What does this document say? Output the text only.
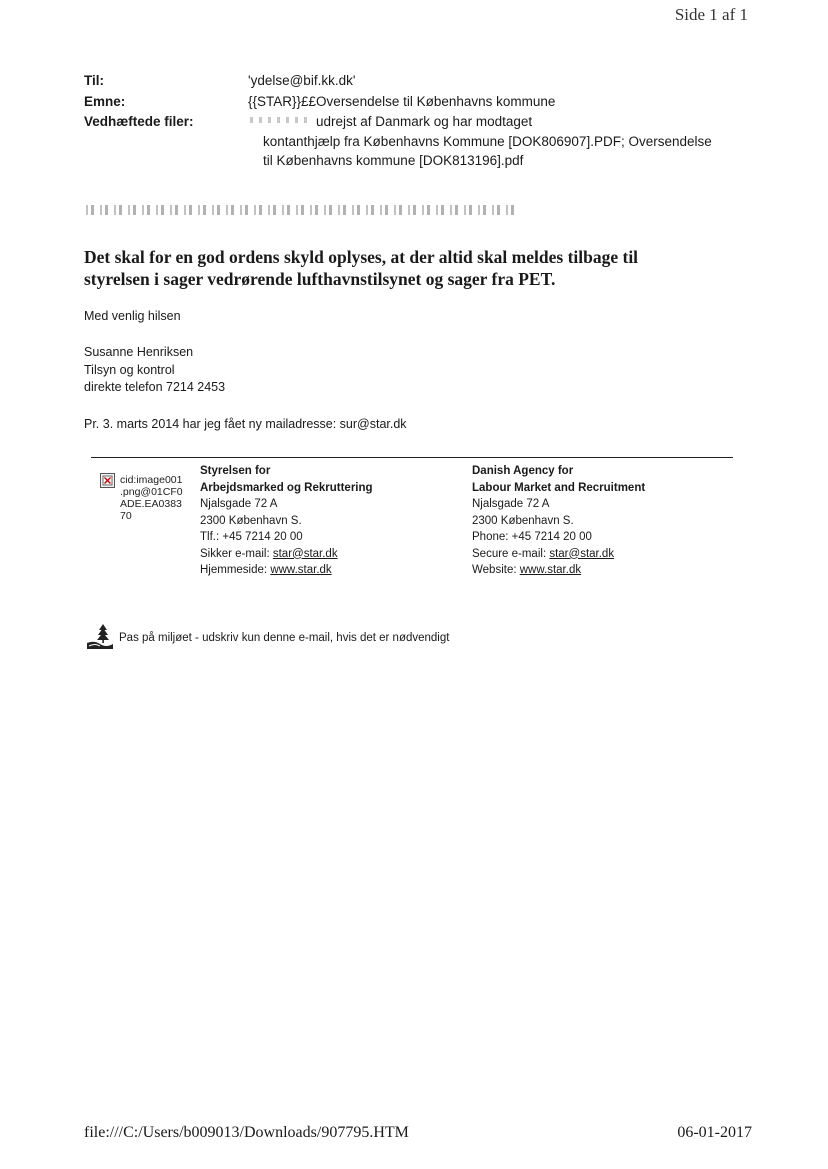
Side 1 af 1
Til:	'ydelse@bif.kk.dk'
Emne:	{{STAR}}££Oversendelse til Københavns kommune
Vedhæftede filer:	udrejst af Danmark og har modtaget
kontanthjælp fra Københavns Kommune [DOK806907].PDF; Oversendelse
til Københavns kommune [DOK813196].pdf
Det skal for en god ordens skyld oplyses, at der altid skal meldes tilbage til
styrelsen i sager vedrørende lufthavnstilsynet og sager fra PET.
Med venlig hilsen
Susanne Henriksen
Tilsyn og kontrol
direkte telefon 7214 2453
Pr. 3. marts 2014 har jeg fået ny mailadresse: sur@star.dk
cid:image001
.png@01CF0
ADE.EA0383
70
Styrelsen for
Arbejdsmarked og Rekruttering
Njalsgade 72 A
2300 København S.
Tlf.: +45 7214 20 00
Sikker e-mail: star@star.dk
Hjemmeside: www.star.dk
Danish Agency for
Labour Market and Recruitment
Njalsgade 72 A
2300 København S.
Phone: +45 7214 20 00
Secure e-mail: star@star.dk
Website: www.star.dk
Pas på miljøet - udskriv kun denne e-mail, hvis det er nødvendigt
file:///C:/Users/b009013/Downloads/907795.HTM	06-01-2017
